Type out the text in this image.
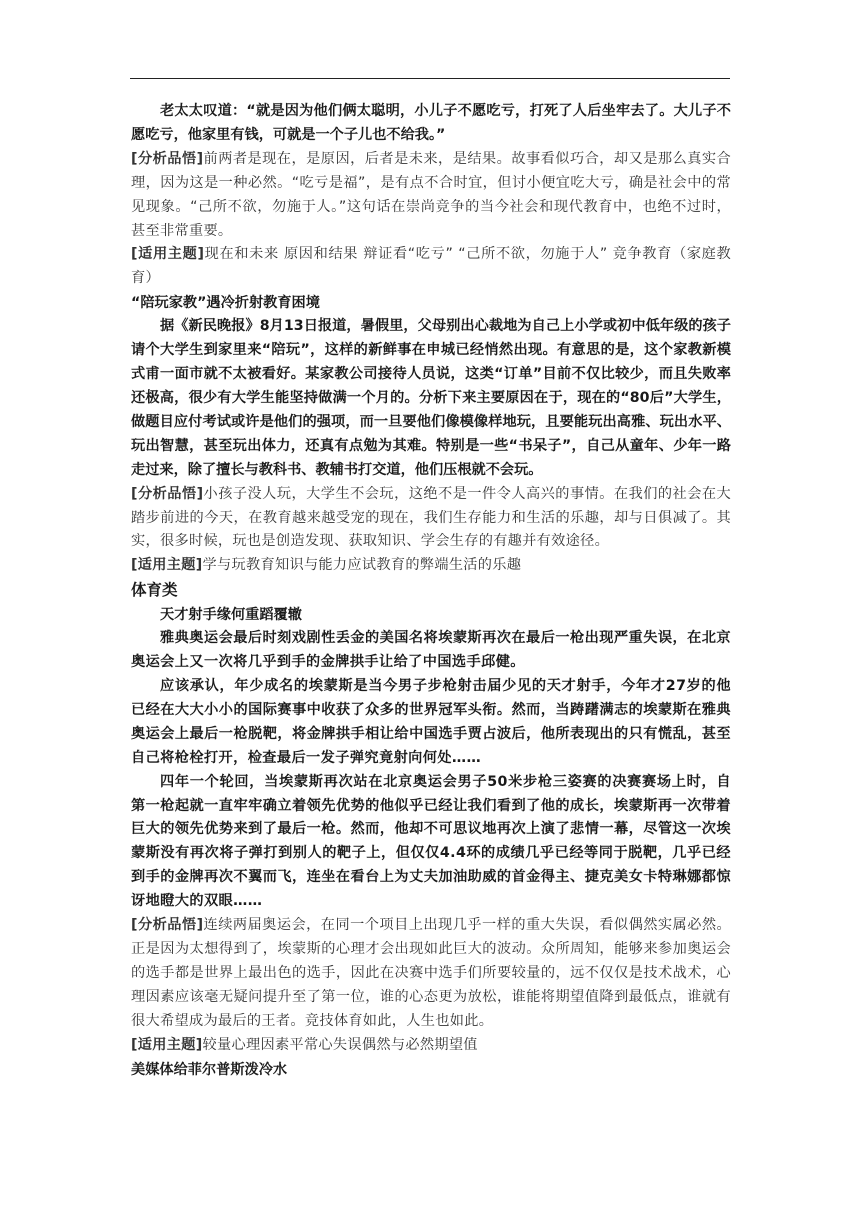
老太太叹道：“就是因为他们俩太聪明，小儿子不愿吃亏，打死了人后坐牢去了。大儿子不愿吃亏，他家里有钱，可就是一个子儿也不给我。”

[分析品悟]前两者是现在，是原因，后者是未来，是结果。故事看似巧合，却又是那么真实合理，因为这是一种必然。“吃亏是福”，是有点不合时宜，但讨小便宜吃大亏，确是社会中的常见现象。“己所不欲，勿施于人。”这句话在崇尚竞争的当今社会和现代教育中，也绝不过时，甚至非常重要。

[适用主题]现在和未来 原因和结果 辩证看“吃亏” “己所不欲，勿施于人” 竞争教育（家庭教育）

“陪玩家教”遇冷折射教育困境

据《新民晚报》8月13日报道，暑假里，父母别出心裁地为自己上小学或初中低年级的孩子请个大学生到家里来“陪玩”，这样的新鲜事在申城已经悄然出现。有意思的是，这个家教新模式甫一面市就不太被看好。某家教公司接待人员说，这类“订单”目前不仅比较少，而且失败率还极高，很少有大学生能坚持做满一个月的。分析下来主要原因在于，现在的“80后”大学生，做题目应付考试或许是他们的强项，而一旦要他们像模像样地玩，且要能玩出高雅、玩出水平、玩出智慧，甚至玩出体力，还真有点勉为其难。特别是一些“书呆子”，自己从童年、少年一路走过来，除了擅长与教科书、教辅书打交道，他们压根就不会玩。

[分析品悟]小孩子没人玩，大学生不会玩，这绝不是一件令人高兴的事情。在我们的社会在大踏步前进的今天，在教育越来越受宠的现在，我们生存能力和生活的乐趣，却与日俱减了。其实，很多时候，玩也是创造发现、获取知识、学会生存的有趣并有效途径。

[适用主题]学与玩教育知识与能力应试教育的弊端生活的乐趣

体育类

天才射手缘何重蹈覆辙

雅典奥运会最后时刻戏剧性丢金的美国名将埃蒙斯再次在最后一枪出现严重失误，在北京奥运会上又一次将几乎到手的金牌拱手让给了中国选手邱健。

应该承认，年少成名的埃蒙斯是当今男子步枪射击届少见的天才射手，今年才27岁的他已经在大大小小的国际赛事中收获了众多的世界冠军头衔。然而，当踌躇满志的埃蒙斯在雅典奥运会上最后一枪脱靶，将金牌拱手相让给中国选手贾占波后，他所表现出的只有慌乱，甚至自己将枪栓打开，检查最后一发子弹究竟射向何处……

四年一个轮回，当埃蒙斯再次站在北京奥运会男子50米步枪三姿赛的决赛赛场上时，自第一枪起就一直牢牢确立着领先优势的他似乎已经让我们看到了他的成长，埃蒙斯再一次带着巨大的领先优势来到了最后一枪。然而，他却不可思议地再次上演了悲情一幕，尽管这一次埃蒙斯没有再次将子弹打到别人的靶子上，但仅仅4.4环的成绩几乎已经等同于脱靶，几乎已经到手的金牌再次不翼而飞，连坐在看台上为丈夫加油助威的首金得主、捷克美女卡特琳娜都惊讶地瞪大的双眼……

[分析品悟]连续两届奥运会，在同一个项目上出现几乎一样的重大失误，看似偶然实属必然。正是因为太想得到了，埃蒙斯的心理才会出现如此巨大的波动。众所周知，能够来参加奥运会的选手都是世界上最出色的选手，因此在决赛中选手们所要较量的，远不仅仅是技术战术，心理因素应该毫无疑问提升至了第一位，谁的心态更为放松，谁能将期望值降到最低点，谁就有很大希望成为最后的王者。竞技体育如此，人生也如此。

[适用主题]较量心理因素平常心失误偶然与必然期望值

美媒体给菲尔普斯泼冷水
